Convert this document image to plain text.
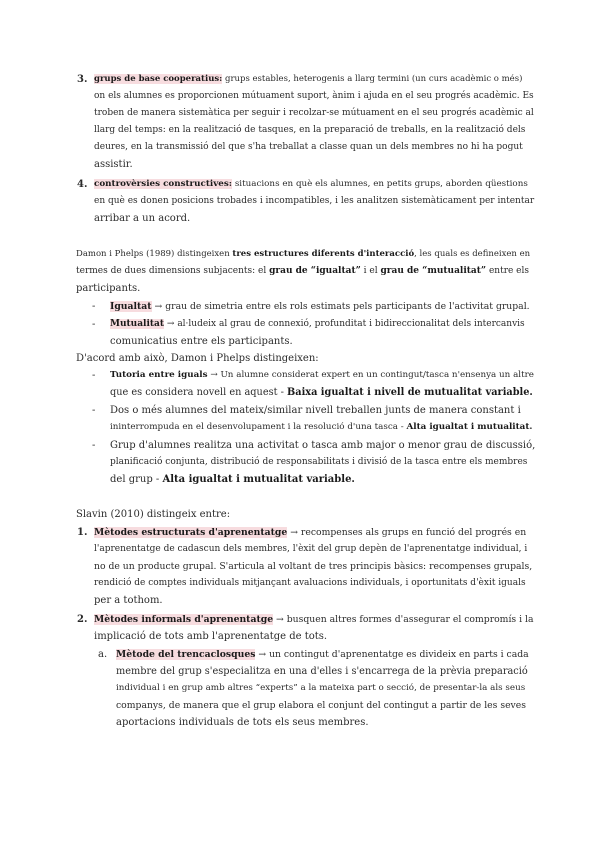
3. grups de base cooperatius: grups estables, heterogenis a llarg termini (un curs acadèmic o més)

on els alumnes es proporcionen mútuament suport, ànim i ajuda en el seu progrés acadèmic. Es

troben de manera sistemàtica per seguir i recolzar-se mútuament en el seu progrés acadèmic al

llarg del temps: en la realització de tasques, en la preparació de treballs, en la realització dels

deures, en la transmissió del que s'ha treballat a classe quan un dels membres no hi ha pogut

assistir.

4. controvèrsies constructives: situacions en què els alumnes, en petits grups, aborden qüestions

en què es donen posicions trobades i incompatibles, i les analitzen sistemàticament per intentar

arribar a un acord.

Damon i Phelps (1989) distingeixen tres estructures diferents d'interacció, les quals es defineixen en

termes de dues dimensions subjacents: el grau de “igualtat” i el grau de “mutualitat” entre els

participants.

- Igualtat → grau de simetria entre els rols estimats pels participants de l'activitat grupal.

- Mutualitat → al·ludeix al grau de connexió, profunditat i bidireccionalitat dels intercanvis

comunicatius entre els participants.

D'acord amb això, Damon i Phelps distingeixen:

- Tutoria entre iguals → Un alumne considerat expert en un contingut/tasca n'ensenya un altre

que es considera novell en aquest - Baixa igualtat i nivell de mutualitat variable.

- Dos o més alumnes del mateix/similar nivell treballen junts de manera constant i

ininterrompuda en el desenvolupament i la resolució d'una tasca - Alta igualtat i mutualitat.

- Grup d'alumnes realitza una activitat o tasca amb major o menor grau de discussió,

planificació conjunta, distribució de responsabilitats i divisió de la tasca entre els membres

del grup - Alta igualtat i mutualitat variable.

Slavin (2010) distingeix entre:

1. Mètodes estructurats d'aprenentatge → recompenses als grups en funció del progrés en

l'aprenentatge de cadascun dels membres, l'èxit del grup depèn de l'aprenentatge individual, i

no de un producte grupal. S'articula al voltant de tres principis bàsics: recompenses grupals,

rendició de comptes individuals mitjançant avaluacions individuals, i oportunitats d'èxit iguals

per a tothom.

2. Mètodes informals d'aprenentatge → busquen altres formes d'assegurar el compromís i la

implicació de tots amb l'aprenentatge de tots.

a. Mètode del trencaclosques → un contingut d'aprenentatge es divideix en parts i cada

membre del grup s'especialitza en una d'elles i s'encarrega de la prèvia preparació

individual i en grup amb altres “experts” a la mateixa part o secció, de presentar-la als seus

companys, de manera que el grup elabora el conjunt del contingut a partir de les seves

aportacions individuals de tots els seus membres.
